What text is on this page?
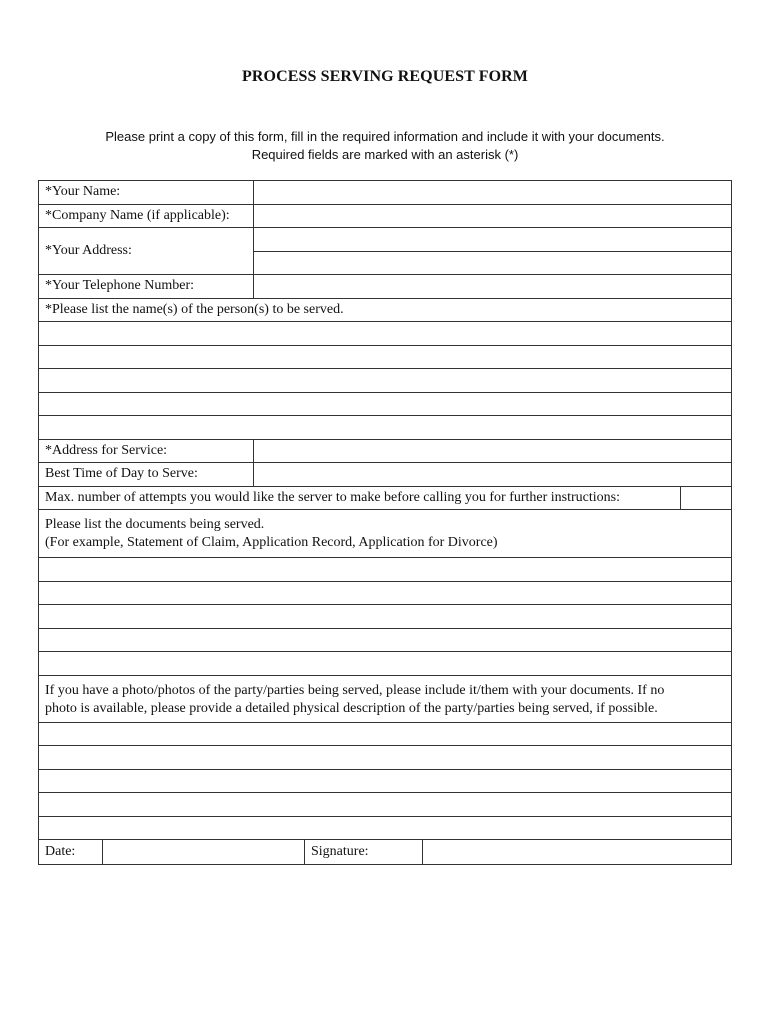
PROCESS SERVING REQUEST FORM
Please print a copy of this form, fill in the required information and include it with your documents.
Required fields are marked with an asterisk (*)
*Your Name:
*Company Name (if applicable):
*Your Address:
*Your Telephone Number:
*Please list the name(s) of the person(s) to be served.
*Address for Service:
Best Time of Day to Serve:
Max. number of attempts you would like the server to make before calling you for further instructions:
Please list the documents being served.
(For example, Statement of Claim, Application Record, Application for Divorce)
If you have a photo/photos of the party/parties being served, please include it/them with your documents. If no
photo is available, please provide a detailed physical description of the party/parties being served, if possible.
Date:	Signature:
